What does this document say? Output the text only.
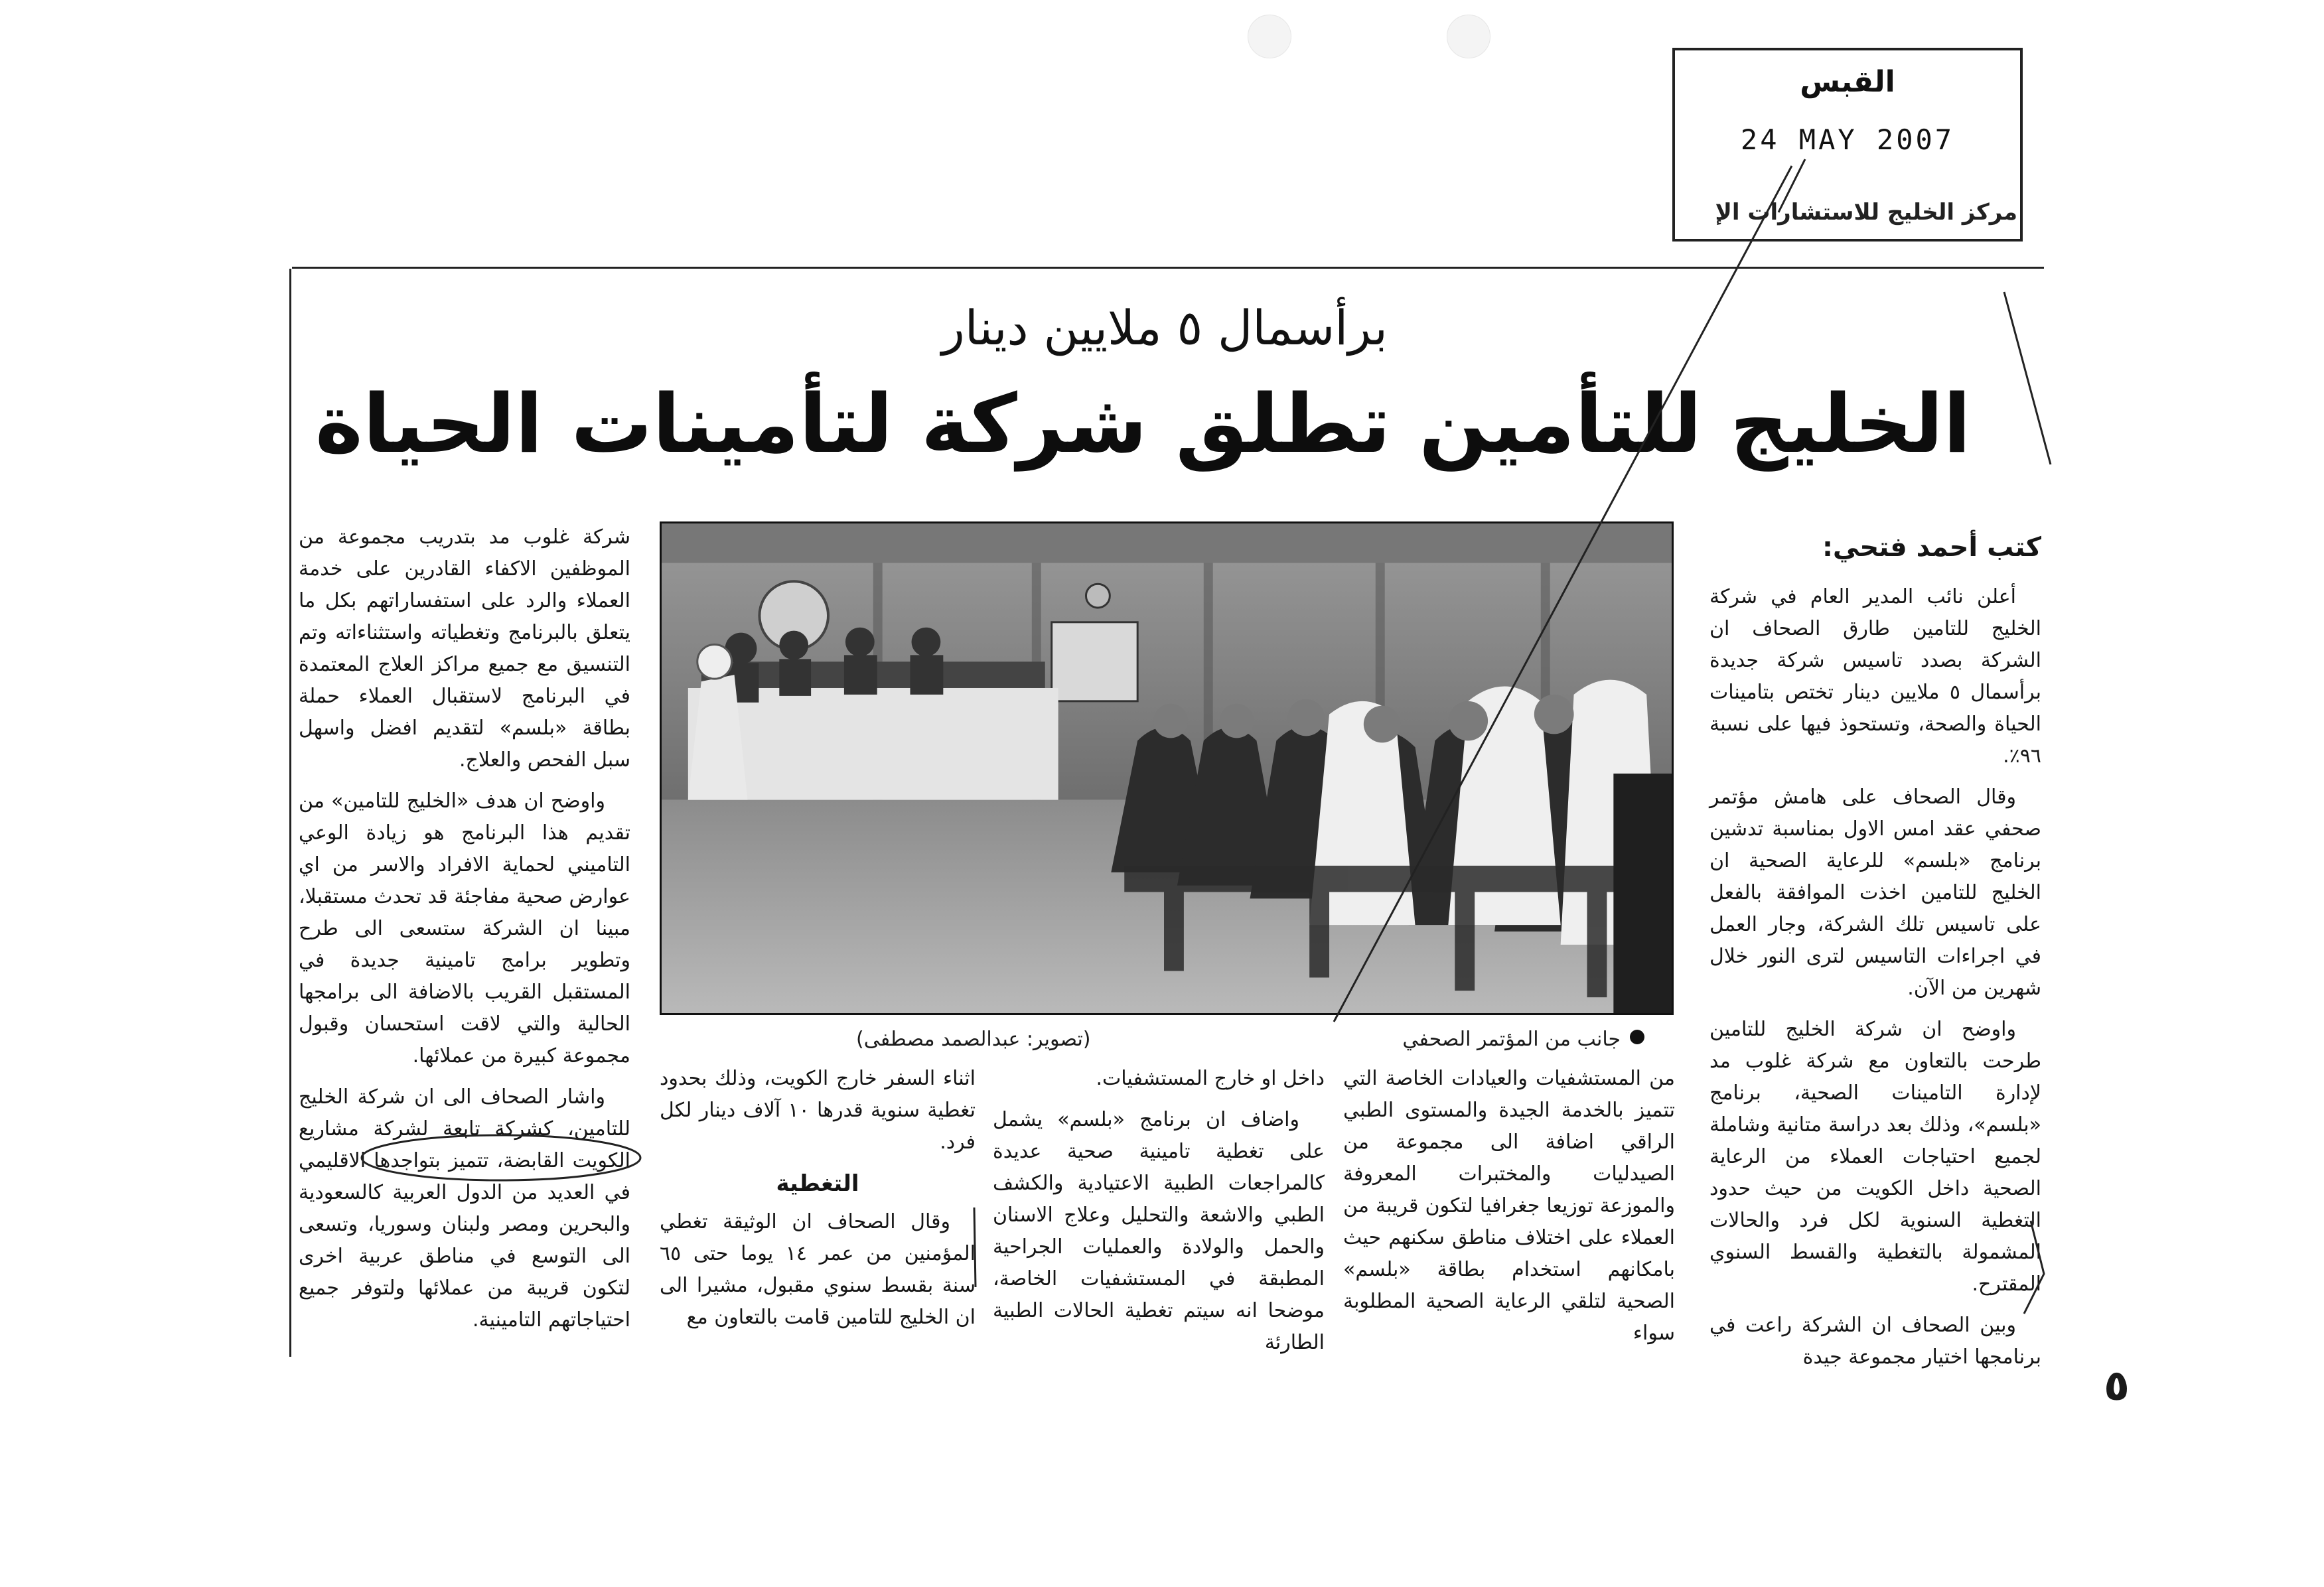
القبس
24 MAY 2007
مركز الخليج للاستشارات الإ
برأسمال ٥ ملايين دينار
الخليج للتأمين تطلق شركة لتأمينات الحياة
كتب أحمد فتحي:

أعلن نائب المدير العام في شركة الخليج للتامين طارق الصحاف ان الشركة بصدد تاسيس شركة جديدة برأسمال ٥ ملايين دينار تختص بتامينات الحياة والصحة، وتستحوذ فيها على نسبة ٩٦٪.

وقال الصحاف على هامش مؤتمر صحفي عقد امس الاول بمناسبة تدشين برنامج «بلسم» للرعاية الصحية ان الخليج للتامين اخذت الموافقة بالفعل على تاسيس تلك الشركة، وجار العمل في اجراءات التاسيس لترى النور خلال شهرين من الآن.

واوضح ان شركة الخليج للتامين طرحت بالتعاون مع شركة غلوب مد لإدارة التامينات الصحية، برنامج «بلسم»، وذلك بعد دراسة متانية وشاملة لجميع احتياجات العملاء من الرعاية الصحية داخل الكويت من حيث حدود التغطية السنوية لكل فرد والحالات المشمولة بالتغطية والقسط السنوي المقترح.

وبين الصحاف ان الشركة راعت في برنامجها اختيار مجموعة جيدة

جانب من المؤتمر الصحفي
(تصوير: عبدالصمد مصطفى)

من المستشفيات والعيادات الخاصة التي تتميز بالخدمة الجيدة والمستوى الطبي الراقي اضافة الى مجموعة من الصيدليات والمختبرات المعروفة والموزعة توزيعا جغرافيا لتكون قريبة من العملاء على اختلاف مناطق سكنهم حيث بامكانهم استخدام بطاقة «بلسم» الصحية لتلقي الرعاية الصحية المطلوبة سواء

داخل او خارج المستشفيات.

واضاف ان برنامج «بلسم» يشمل على تغطية تامينية صحية عديدة كالمراجعات الطبية الاعتيادية والكشف الطبي والاشعة والتحليل وعلاج الاسنان والحمل والولادة والعمليات الجراحية المطبقة في المستشفيات الخاصة، موضحا انه سيتم تغطية الحالات الطبية الطارئة

اثناء السفر خارج الكويت، وذلك بحدود تغطية سنوية قدرها ١٠ آلاف دينار لكل فرد.

التغطية

وقال الصحاف ان الوثيقة تغطي المؤمنين من عمر ١٤ يوما حتى ٦٥ سنة بقسط سنوي مقبول، مشيرا الى ان الخليج للتامين قامت بالتعاون مع

شركة غلوب مد بتدريب مجموعة من الموظفين الاكفاء القادرين على خدمة العملاء والرد على استفساراتهم بكل ما يتعلق بالبرنامج وتغطياته واستثناءاته وتم التنسيق مع جميع مراكز العلاج المعتمدة في البرنامج لاستقبال العملاء حملة بطاقة «بلسم» لتقديم افضل واسهل سبل الفحص والعلاج.

واوضح ان هدف «الخليج للتامين» من تقديم هذا البرنامج هو زيادة الوعي التاميني لحماية الافراد والاسر من اي عوارض صحية مفاجئة قد تحدث مستقبلا، مبينا ان الشركة ستسعى الى طرح وتطوير برامج تامينية جديدة في المستقبل القريب بالاضافة الى برامجها الحالية والتي لاقت استحسان وقبول مجموعة كبيرة من عملائها.

واشار الصحاف الى ان شركة الخليج للتامين، كشركة تابعة لشركة مشاريع الكويت القابضة، تتميز بتواجدها الاقليمي في العديد من الدول العربية كالسعودية والبحرين ومصر ولبنان وسوريا، وتسعى الى التوسع في مناطق عربية اخرى لتكون قريبة من عملائها ولتوفر جميع احتياجاتهم التامينية.

٥
